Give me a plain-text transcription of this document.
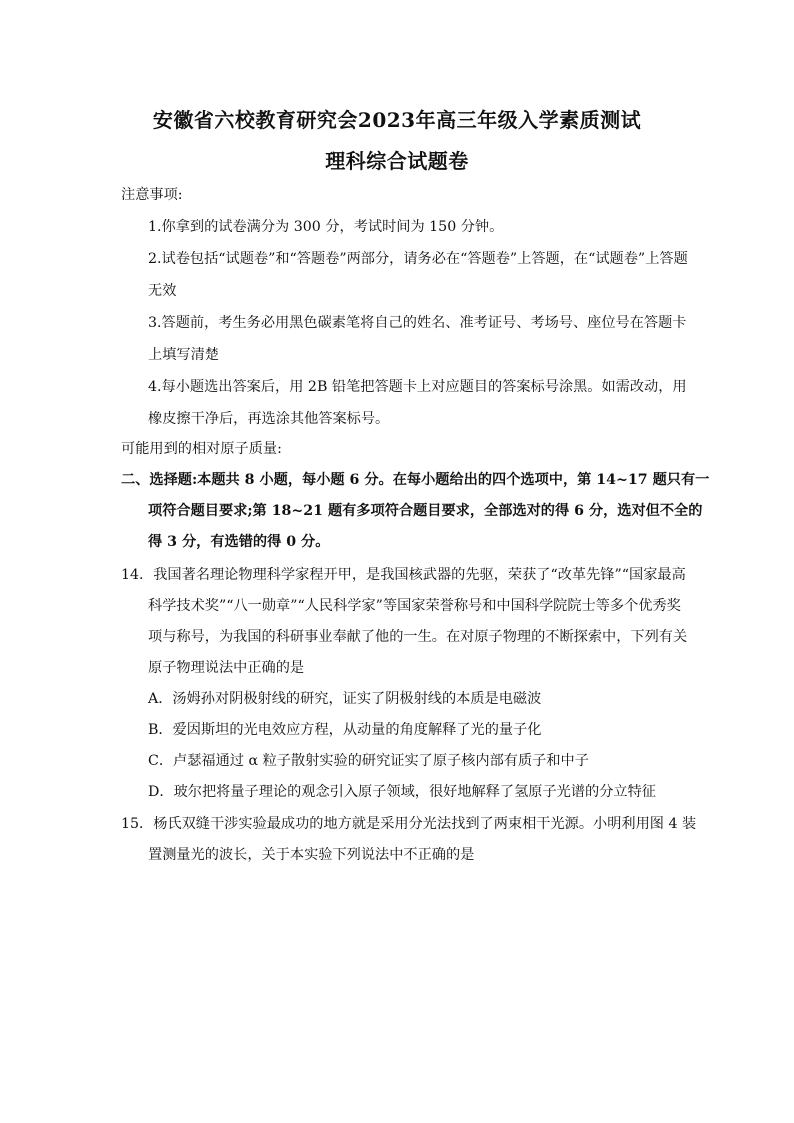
安徽省六校教育研究会2023年高三年级入学素质测试
理科综合试题卷
注意事项:
1.你拿到的试卷满分为 300 分，考试时间为 150 分钟。
2.试卷包括“试题卷”和“答题卷”两部分，请务必在“答题卷”上答题，在“试题卷”上答题
无效
3.答题前，考生务必用黑色碳素笔将自己的姓名、准考证号、考场号、座位号在答题卡
上填写清楚
4.每小题选出答案后，用 2B 铅笔把答题卡上对应题目的答案标号涂黑。如需改动，用
橡皮擦干净后，再选涂其他答案标号。
可能用到的相对原子质量:
二、选择题:本题共 8 小题，每小题 6 分。在每小题给出的四个选项中，第 14~17 题只有一
项符合题目要求;第 18~21 题有多项符合题目要求，全部选对的得 6 分，选对但不全的
得 3 分，有选错的得 0 分。
14．我国著名理论物理科学家程开甲，是我国核武器的先驱，荣获了“改革先锋”“国家最高
科学技术奖”“八一勋章”“人民科学家”等国家荣誉称号和中国科学院院士等多个优秀奖
项与称号，为我国的科研事业奉献了他的一生。在对原子物理的不断探索中，下列有关
原子物理说法中正确的是
A．汤姆孙对阴极射线的研究，证实了阴极射线的本质是电磁波
B．爱因斯坦的光电效应方程，从动量的角度解释了光的量子化
C．卢瑟福通过 α 粒子散射实验的研究证实了原子核内部有质子和中子
D．玻尔把将量子理论的观念引入原子领域，很好地解释了氢原子光谱的分立特征
15．杨氏双缝干涉实验最成功的地方就是采用分光法找到了两束相干光源。小明利用图 4 装
置测量光的波长，关于本实验下列说法中不正确的是
